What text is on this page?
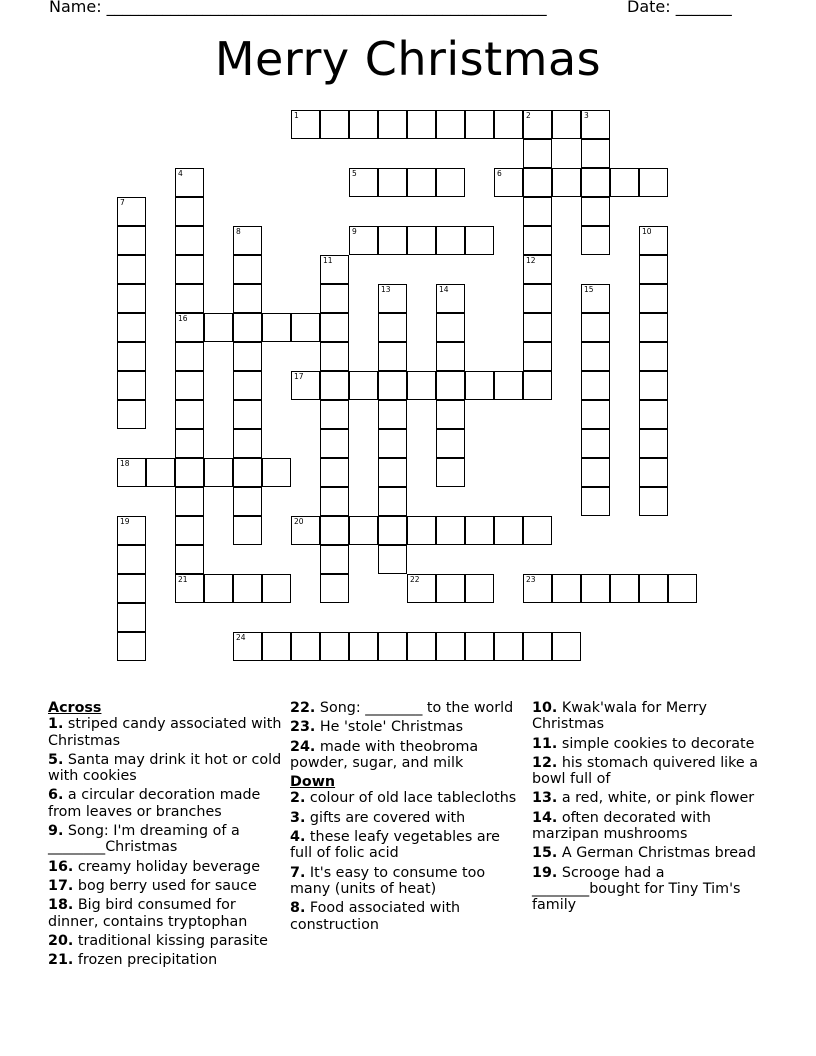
Name: _______________________________________________________	Date: _______
Merry Christmas
1	2	3
4
16
21
5	6
7
8	9	10
11	12
13	14	15
17
18
19	20
22	23
24
Across
1. striped candy associated with Christmas
5. Santa may drink it hot or cold with cookies
6. a circular decoration made from leaves or branches
9. Song: I'm dreaming of a ________Christmas
16. creamy holiday beverage
17. bog berry used for sauce
18. Big bird consumed for dinner, contains tryptophan
20. traditional kissing parasite
21. frozen precipitation
22. Song: ________ to the world
23. He 'stole' Christmas
24. made with theobroma powder, sugar, and milk
Down
2. colour of old lace tablecloths
3. gifts are covered with
4. these leafy vegetables are full of folic acid
7. It's easy to consume too many (units of heat)
8. Food associated with construction
10. Kwak'wala for Merry Christmas
11. simple cookies to decorate
12. his stomach quivered like a bowl full of
13. a red, white, or pink flower
14. often decorated with marzipan mushrooms
15. A German Christmas bread
19. Scrooge had a ________bought for Tiny Tim's family
